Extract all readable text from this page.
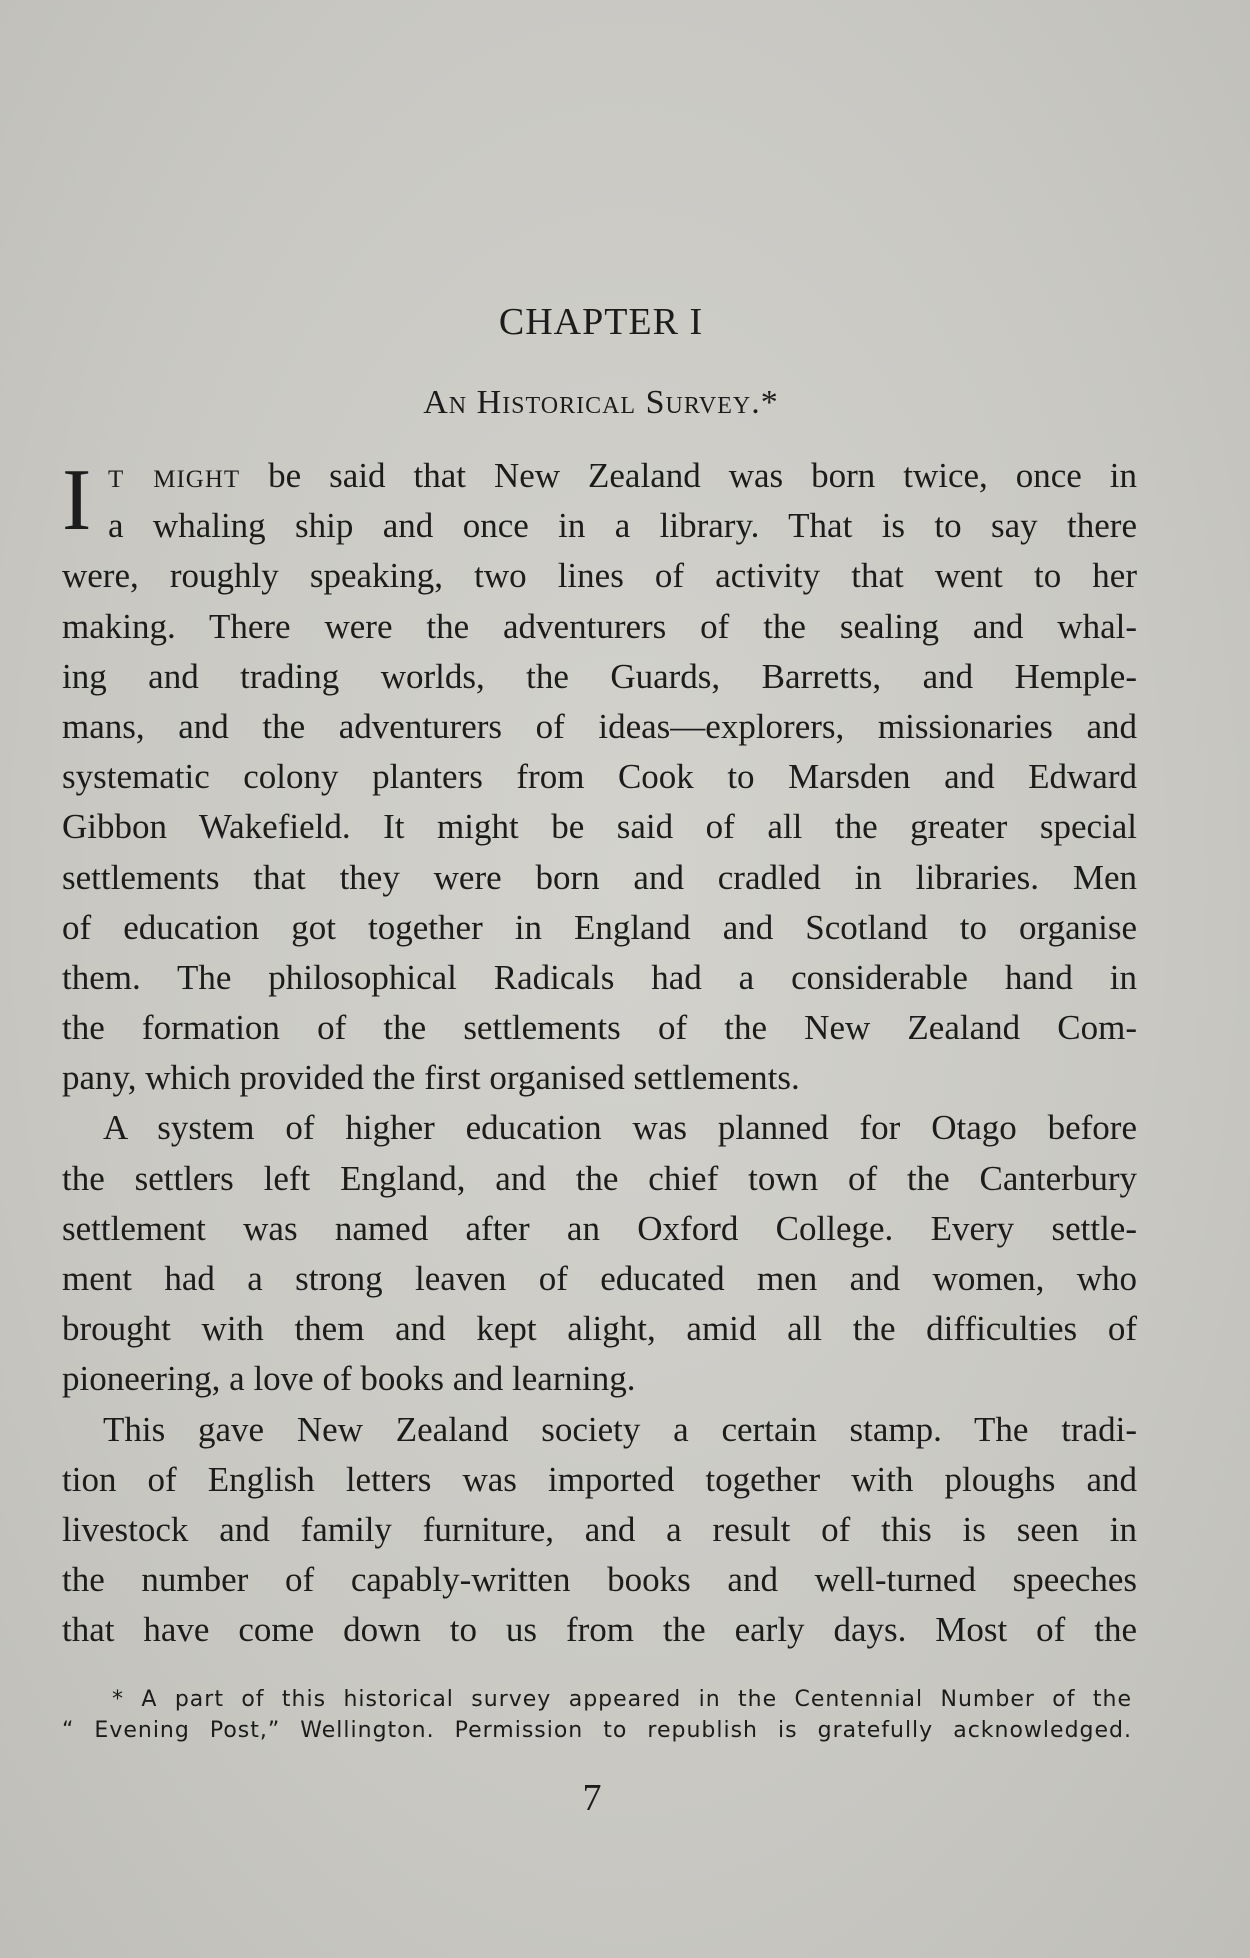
CHAPTER I
An Historical Survey.*
I t might be said that New Zealand was born twice, once in
a whaling ship and once in a library. That is to say there
were, roughly speaking, two lines of activity that went to her
making. There were the adventurers of the sealing and whal-
ing and trading worlds, the Guards, Barretts, and Hemple-
mans, and the adventurers of ideas—explorers, missionaries and
systematic colony planters from Cook to Marsden and Edward
Gibbon Wakefield. It might be said of all the greater special
settlements that they were born and cradled in libraries. Men
of education got together in England and Scotland to organise
them. The philosophical Radicals had a considerable hand in
the formation of the settlements of the New Zealand Com-
pany, which provided the first organised settlements.
A system of higher education was planned for Otago before
the settlers left England, and the chief town of the Canterbury
settlement was named after an Oxford College. Every settle-
ment had a strong leaven of educated men and women, who
brought with them and kept alight, amid all the difficulties of
pioneering, a love of books and learning.
This gave New Zealand society a certain stamp. The tradi-
tion of English letters was imported together with ploughs and
livestock and family furniture, and a result of this is seen in
the number of capably-written books and well-turned speeches
that have come down to us from the early days. Most of the
* A part of this historical survey appeared in the Centennial Number of the
“ Evening Post,” Wellington. Permission to republish is gratefully acknowledged.
7
